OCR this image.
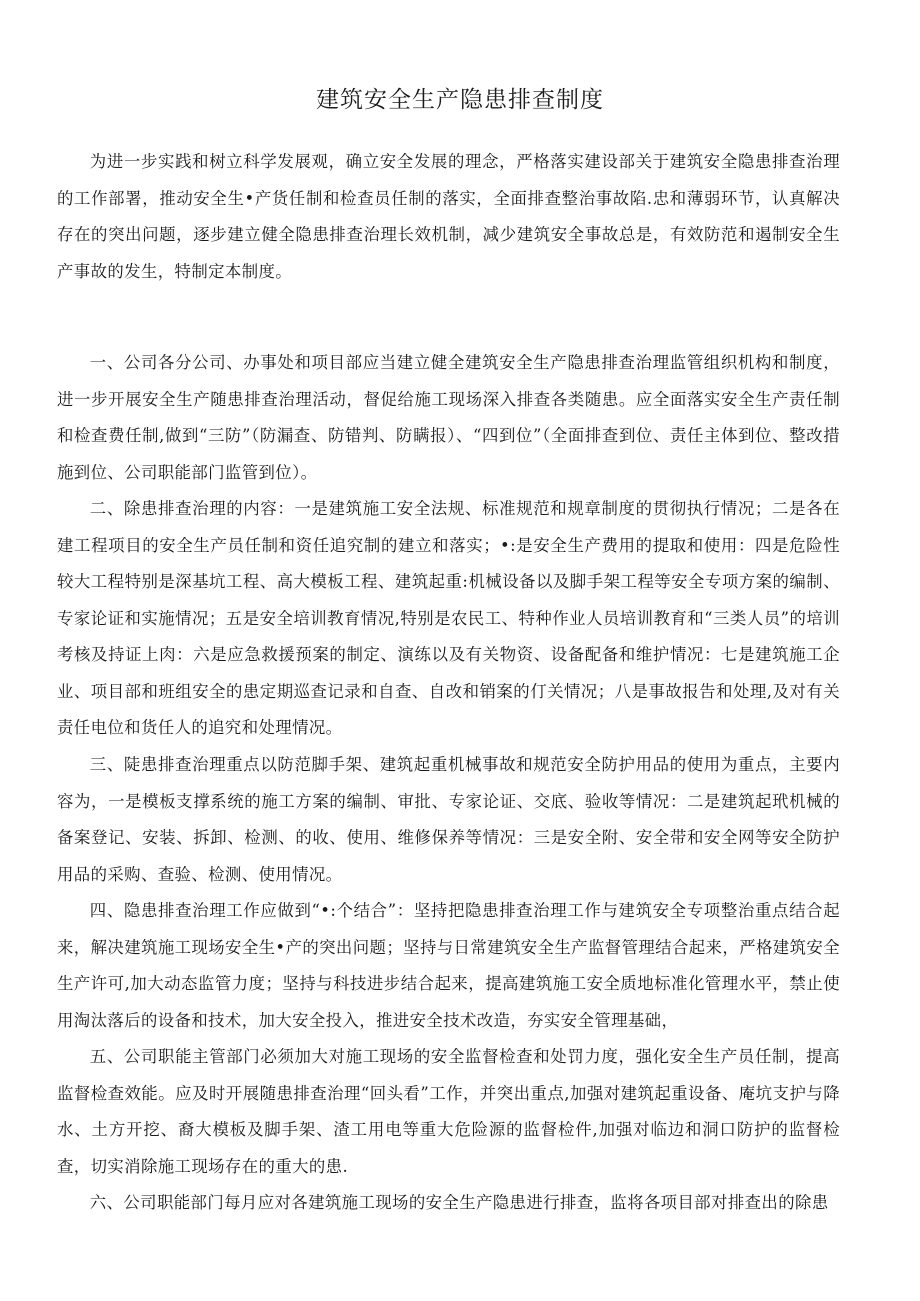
建筑安全生产隐患排查制度

为进一步实践和树立科学发展观，确立安全发展的理念，严格落实建设部关于建筑安全隐患排查治理的工作部署，推动安全生•产货任制和检查员任制的落实，全面排查整治事故陷.忠和薄弱环节，认真解决存在的突出问题，逐步建立健全隐患排查治理长效机制，减少建筑安全事故总是，有效防范和遏制安全生产事故的发生，特制定本制度。

一、公司各分公司、办事处和项目部应当建立健全建筑安全生产隐患排查治理监管组织机构和制度，进一步开展安全生产随患排查治理活动，督促给施工现场深入排查各类随患。应全面落实安全生产责任制和检查费任制,做到“三防”（防漏查、防错判、防瞒报）、“四到位”（全面排查到位、责任主体到位、整改措施到位、公司职能部门监管到位）。

二、除患排查治理的内容：一是建筑施工安全法规、标准规范和规章制度的贯彻执行情况；二是各在建工程项目的安全生产员任制和资任追究制的建立和落实；•:是安全生产费用的提取和使用：四是危险性较大工程特别是深基坑工程、高大模板工程、建筑起重:机械设备以及脚手架工程等安全专项方案的编制、专家论证和实施情况；五是安全培训教育情况,特别是农民工、特种作业人员培训教育和“三类人员”的培训考核及持证上肉：六是应急救援预案的制定、演练以及有关物资、设备配备和维护情况：七是建筑施工企业、项目部和班组安全的患定期巡查记录和自查、自改和销案的仃关情况；八是事故报告和处理,及对有关责任电位和货任人的追究和处理情况。

三、陡患排查治理重点以防范脚手架、建筑起重机械事故和规范安全防护用品的使用为重点，主要内容为，一是模板支撑系统的施工方案的编制、审批、专家论证、交底、验收等情况：二是建筑起玳机械的备案登记、安装、拆卸、检测、的收、使用、维修保养等情况：三是安全附、安全带和安全网等安全防护用品的采购、查验、检测、使用情况。

四、隐患排查治理工作应做到“•:个结合”：坚持把隐患排查治理工作与建筑安全专项整治重点结合起来，解决建筑施工现场安全生•产的突出问题；坚持与日常建筑安全生产监督管理结合起来，严格建筑安全生产许可,加大动态监管力度；坚持与科技进步结合起来，提高建筑施工安全质地标准化管理水平，禁止使用淘汰落后的设备和技术，加大安全投入，推进安全技术改造，夯实安全管理基础，

五、公司职能主管部门必须加大对施工现场的安全监督检查和处罚力度，强化安全生产员任制，提高监督检查效能。应及时开展随患排查治理“回头看”工作，并突出重点,加强对建筑起重设备、庵坑支护与降水、土方开挖、裔大模板及脚手架、渣工用电等重大危险源的监督检件,加强对临边和洞口防护的监督检查，切实消除施工现场存在的重大的患.

六、公司职能部门每月应对各建筑施工现场的安全生产隐患进行排查，监将各项目部对排查出的除患
